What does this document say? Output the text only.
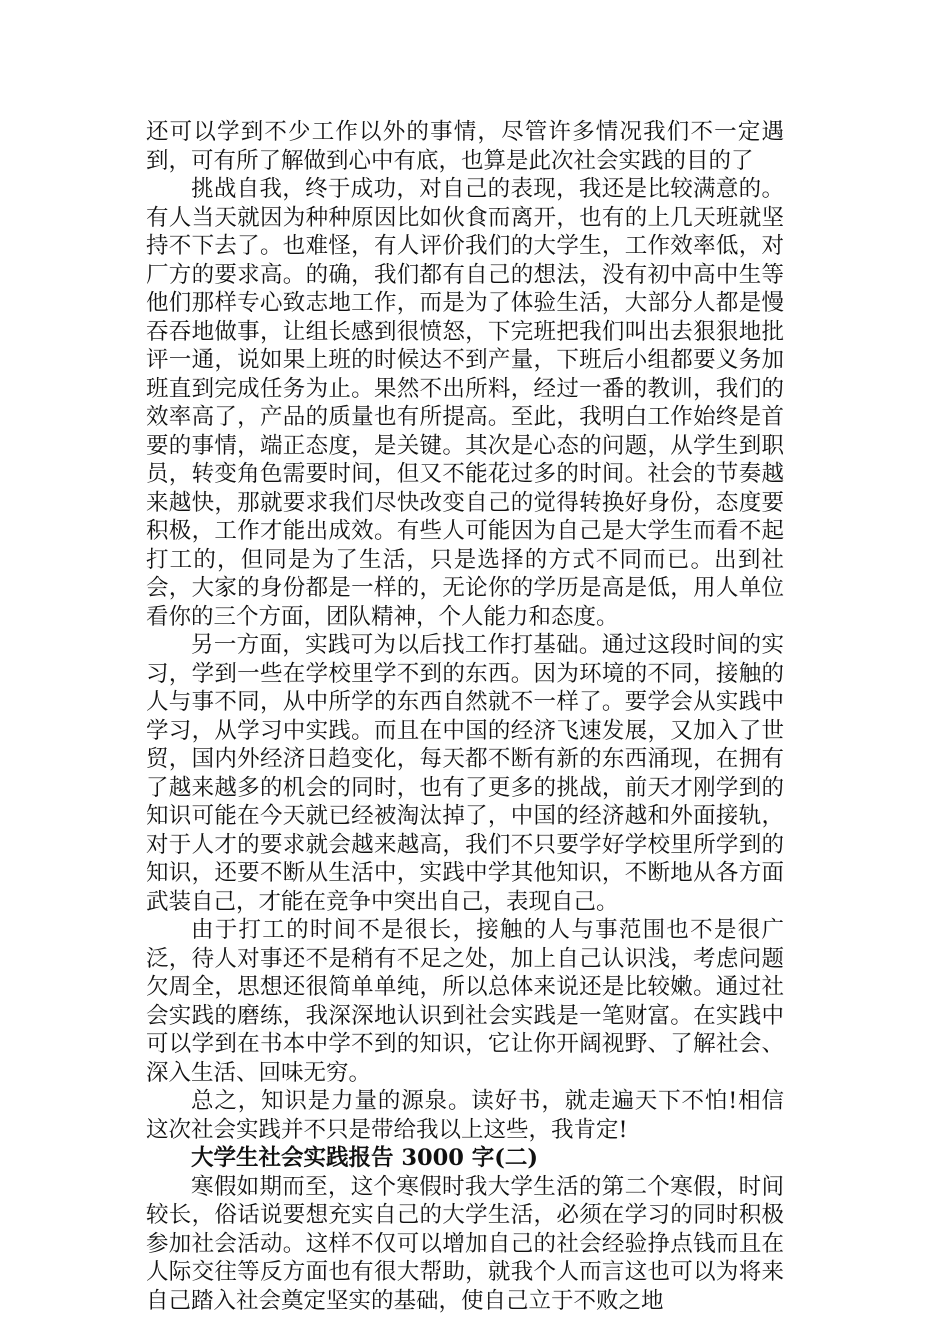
还可以学到不少工作以外的事情，尽管许多情况我们不一定遇到，可有所了解做到心中有底，也算是此次社会实践的目的了

挑战自我，终于成功，对自己的表现，我还是比较满意的。有人当天就因为种种原因比如伙食而离开，也有的上几天班就坚持不下去了。也难怪，有人评价我们的大学生，工作效率低，对厂方的要求高。的确，我们都有自己的想法，没有初中高中生等他们那样专心致志地工作，而是为了体验生活，大部分人都是慢吞吞地做事，让组长感到很愤怒，下完班把我们叫出去狠狠地批评一通，说如果上班的时候达不到产量，下班后小组都要义务加班直到完成任务为止。果然不出所料，经过一番的教训，我们的效率高了，产品的质量也有所提高。至此，我明白工作始终是首要的事情，端正态度，是关键。其次是心态的问题，从学生到职员，转变角色需要时间，但又不能花过多的时间。社会的节奏越来越快，那就要求我们尽快改变自己的觉得转换好身份，态度要积极，工作才能出成效。有些人可能因为自己是大学生而看不起打工的，但同是为了生活，只是选择的方式不同而已。出到社会，大家的身份都是一样的，无论你的学历是高是低，用人单位看你的三个方面，团队精神，个人能力和态度。

另一方面，实践可为以后找工作打基础。通过这段时间的实习，学到一些在学校里学不到的东西。因为环境的不同，接触的人与事不同，从中所学的东西自然就不一样了。要学会从实践中学习，从学习中实践。而且在中国的经济飞速发展，又加入了世贸，国内外经济日趋变化，每天都不断有新的东西涌现，在拥有了越来越多的机会的同时，也有了更多的挑战，前天才刚学到的知识可能在今天就已经被淘汰掉了，中国的经济越和外面接轨，对于人才的要求就会越来越高，我们不只要学好学校里所学到的知识，还要不断从生活中，实践中学其他知识，不断地从各方面武装自己，才能在竞争中突出自己，表现自己。

由于打工的时间不是很长，接触的人与事范围也不是很广泛，待人对事还不是稍有不足之处，加上自己认识浅，考虑问题欠周全，思想还很简单单纯，所以总体来说还是比较嫩。通过社会实践的磨练，我深深地认识到社会实践是一笔财富。在实践中可以学到在书本中学不到的知识，它让你开阔视野、了解社会、深入生活、回味无穷。

总之，知识是力量的源泉。读好书，就走遍天下不怕!相信这次社会实践并不只是带给我以上这些，我肯定!

大学生社会实践报告 3000 字(二)

寒假如期而至，这个寒假时我大学生活的第二个寒假，时间较长，俗话说要想充实自己的大学生活，必须在学习的同时积极参加社会活动。这样不仅可以增加自己的社会经验挣点钱而且在人际交往等反方面也有很大帮助，就我个人而言这也可以为将来自己踏入社会奠定坚实的基础，使自己立于不败之地
